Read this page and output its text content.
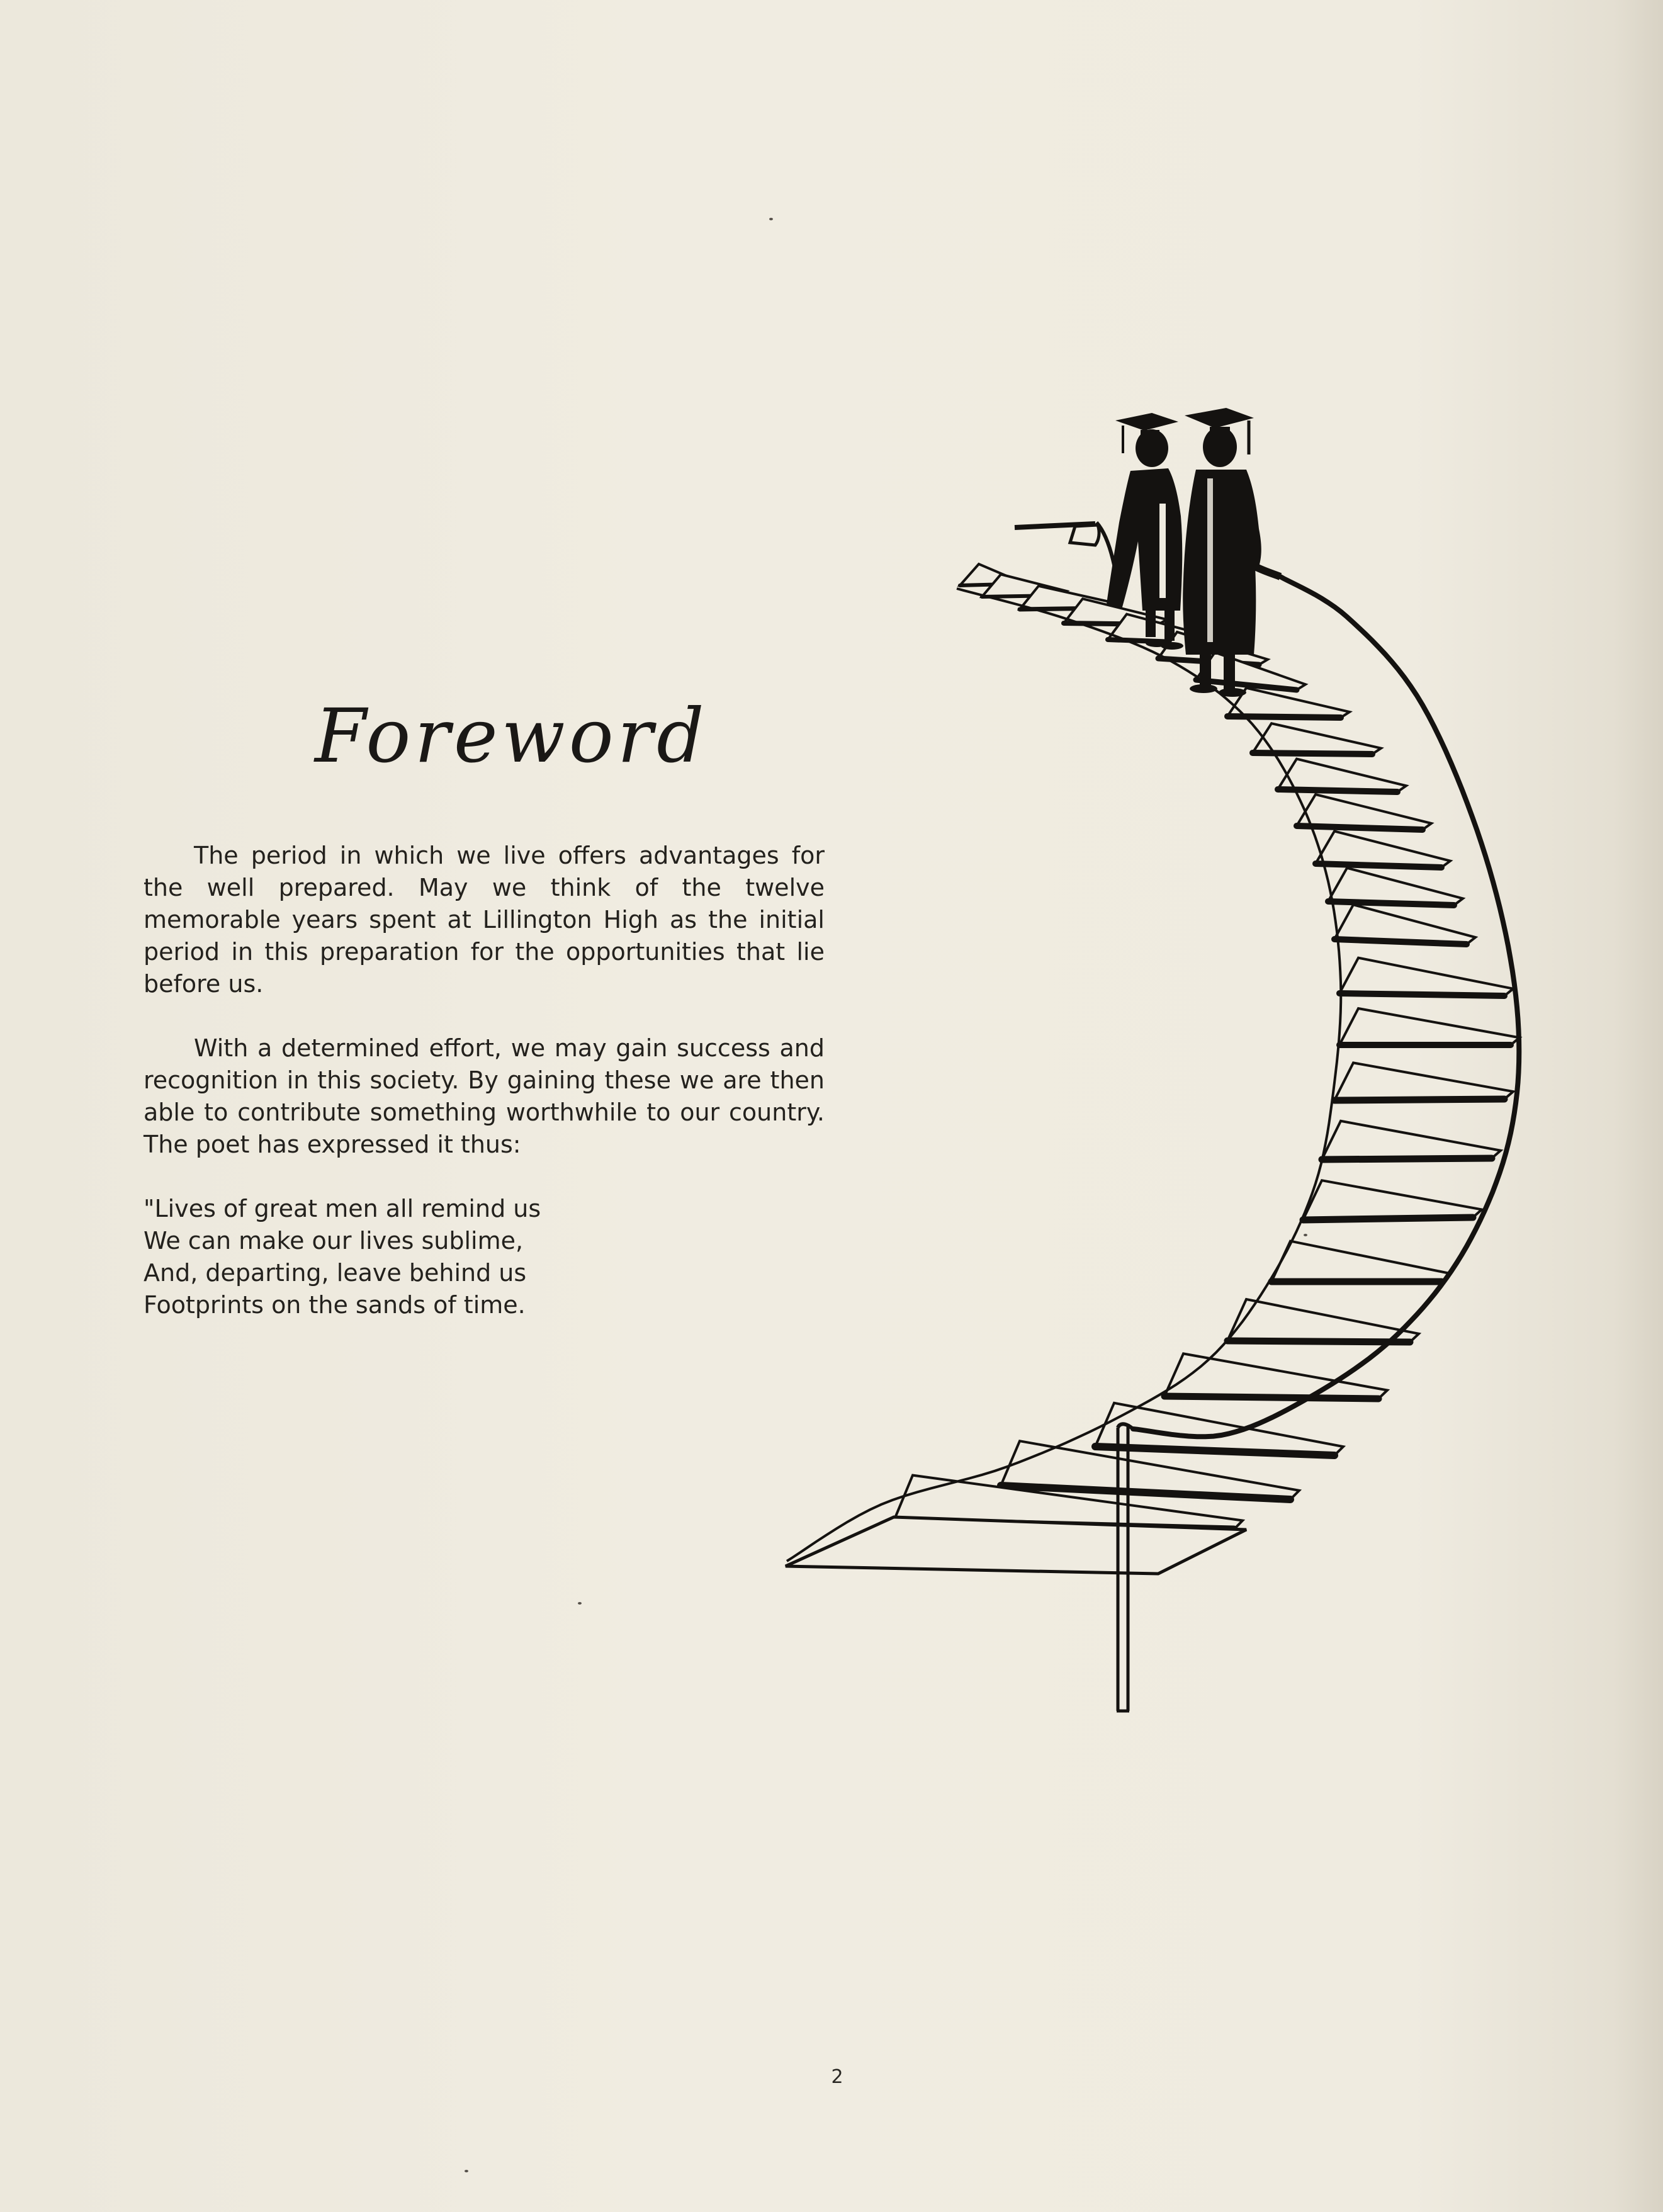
Foreword

The period in which we live offers advantages for the well prepared. May we think of the twelve memorable years spent at Lillington High as the initial period in this preparation for the opportunities that lie before us.

With a determined effort, we may gain success and recognition in this society. By gaining these we are then able to contribute something worthwhile to our country. The poet has expressed it thus:

"Lives of great men all remind us
We can make our lives sublime,
And, departing, leave behind us
Footprints on the sands of time.
2
